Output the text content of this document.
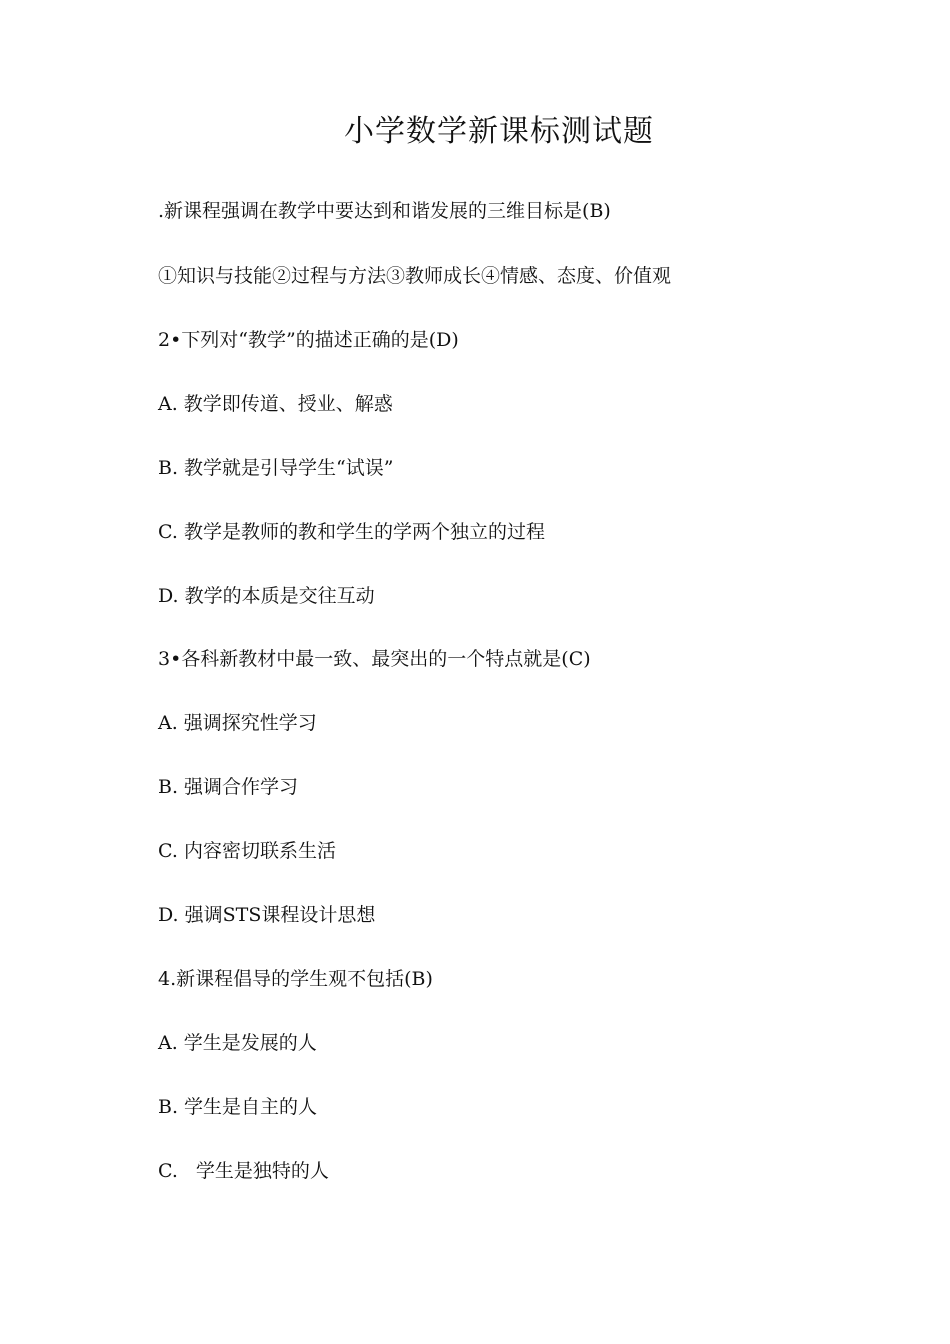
小学数学新课标测试题
.新课程强调在教学中要达到和谐发展的三维目标是(B)
①知识与技能②过程与方法③教师成长④情感、态度、价值观
2•下列对“教学”的描述正确的是(D)
A. 教学即传道、授业、解惑
B. 教学就是引导学生“试误”
C. 教学是教师的教和学生的学两个独立的过程
D. 教学的本质是交往互动
3•各科新教材中最一致、最突出的一个特点就是(C)
A. 强调探究性学习
B. 强调合作学习
C. 内容密切联系生活
D. 强调STS课程设计思想
4.新课程倡导的学生观不包括(B)
A. 学生是发展的人
B. 学生是自主的人
C. 学生是独特的人
